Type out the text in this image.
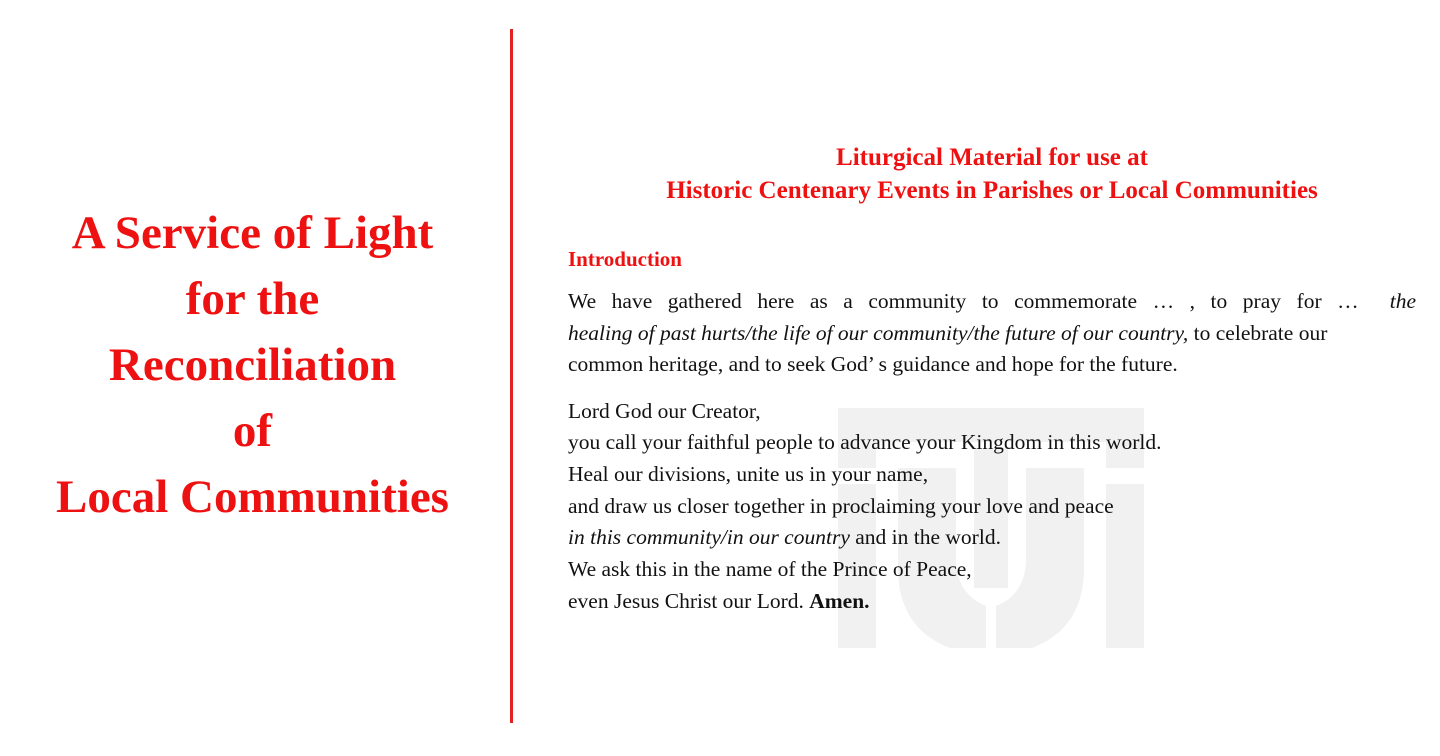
A Service of Light
for the
Reconciliation
of
Local Communities
Liturgical Material for use at
Historic Centenary Events in Parishes or Local Communities
Introduction
We have gathered here as a community to commemorate … , to pray for … the
healing of past hurts/the life of our community/the future of our country, to celebrate our
common heritage, and to seek God’ s guidance and hope for the future.
Lord God our Creator,
you call your faithful people to advance your Kingdom in this world.
Heal our divisions, unite us in your name,
and draw us closer together in proclaiming your love and peace
in this community/in our country and in the world.
We ask this in the name of the Prince of Peace,
even Jesus Christ our Lord. Amen.
